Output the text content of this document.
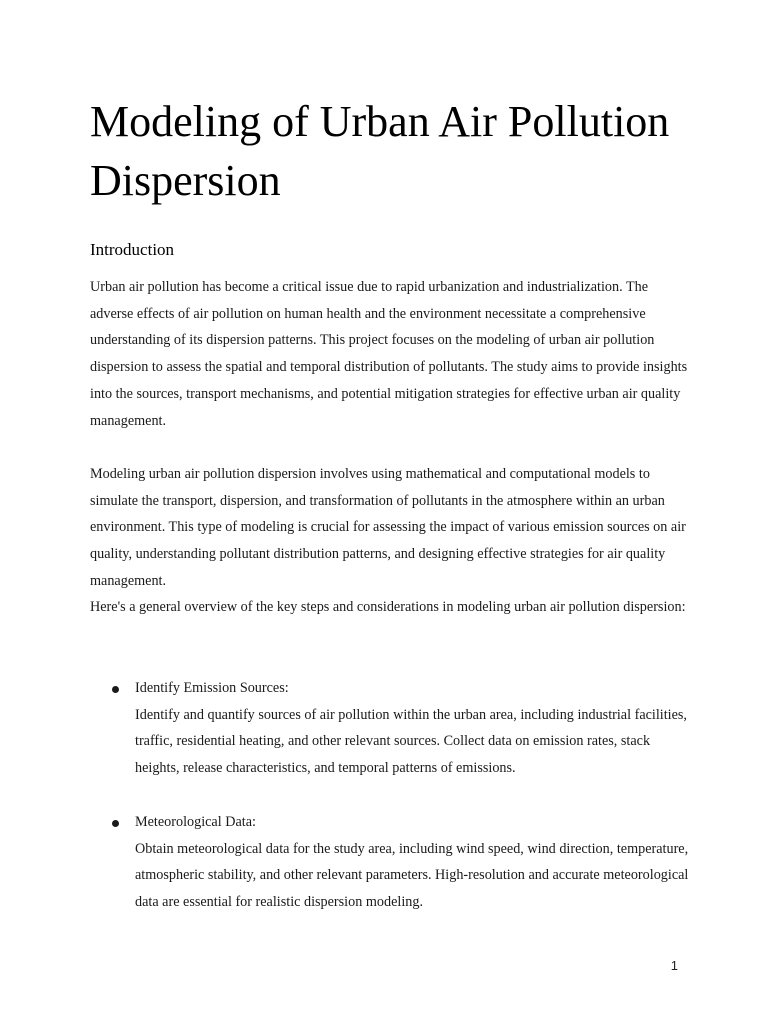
Modeling of Urban Air Pollution Dispersion
Introduction

Urban air pollution has become a critical issue due to rapid urbanization and industrialization. The adverse effects of air pollution on human health and the environment necessitate a comprehensive understanding of its dispersion patterns. This project focuses on the modeling of urban air pollution dispersion to assess the spatial and temporal distribution of pollutants. The study aims to provide insights into the sources, transport mechanisms, and potential mitigation strategies for effective urban air quality management.

Modeling urban air pollution dispersion involves using mathematical and computational models to simulate the transport, dispersion, and transformation of pollutants in the atmosphere within an urban environment. This type of modeling is crucial for assessing the impact of various emission sources on air quality, understanding pollutant distribution patterns, and designing effective strategies for air quality management.

Here's a general overview of the key steps and considerations in modeling urban air pollution dispersion:

Identify Emission Sources:

Identify and quantify sources of air pollution within the urban area, including industrial facilities, traffic, residential heating, and other relevant sources. Collect data on emission rates, stack heights, release characteristics, and temporal patterns of emissions.

Meteorological Data:

Obtain meteorological data for the study area, including wind speed, wind direction, temperature, atmospheric stability, and other relevant parameters. High-resolution and accurate meteorological data are essential for realistic dispersion modeling.

1
